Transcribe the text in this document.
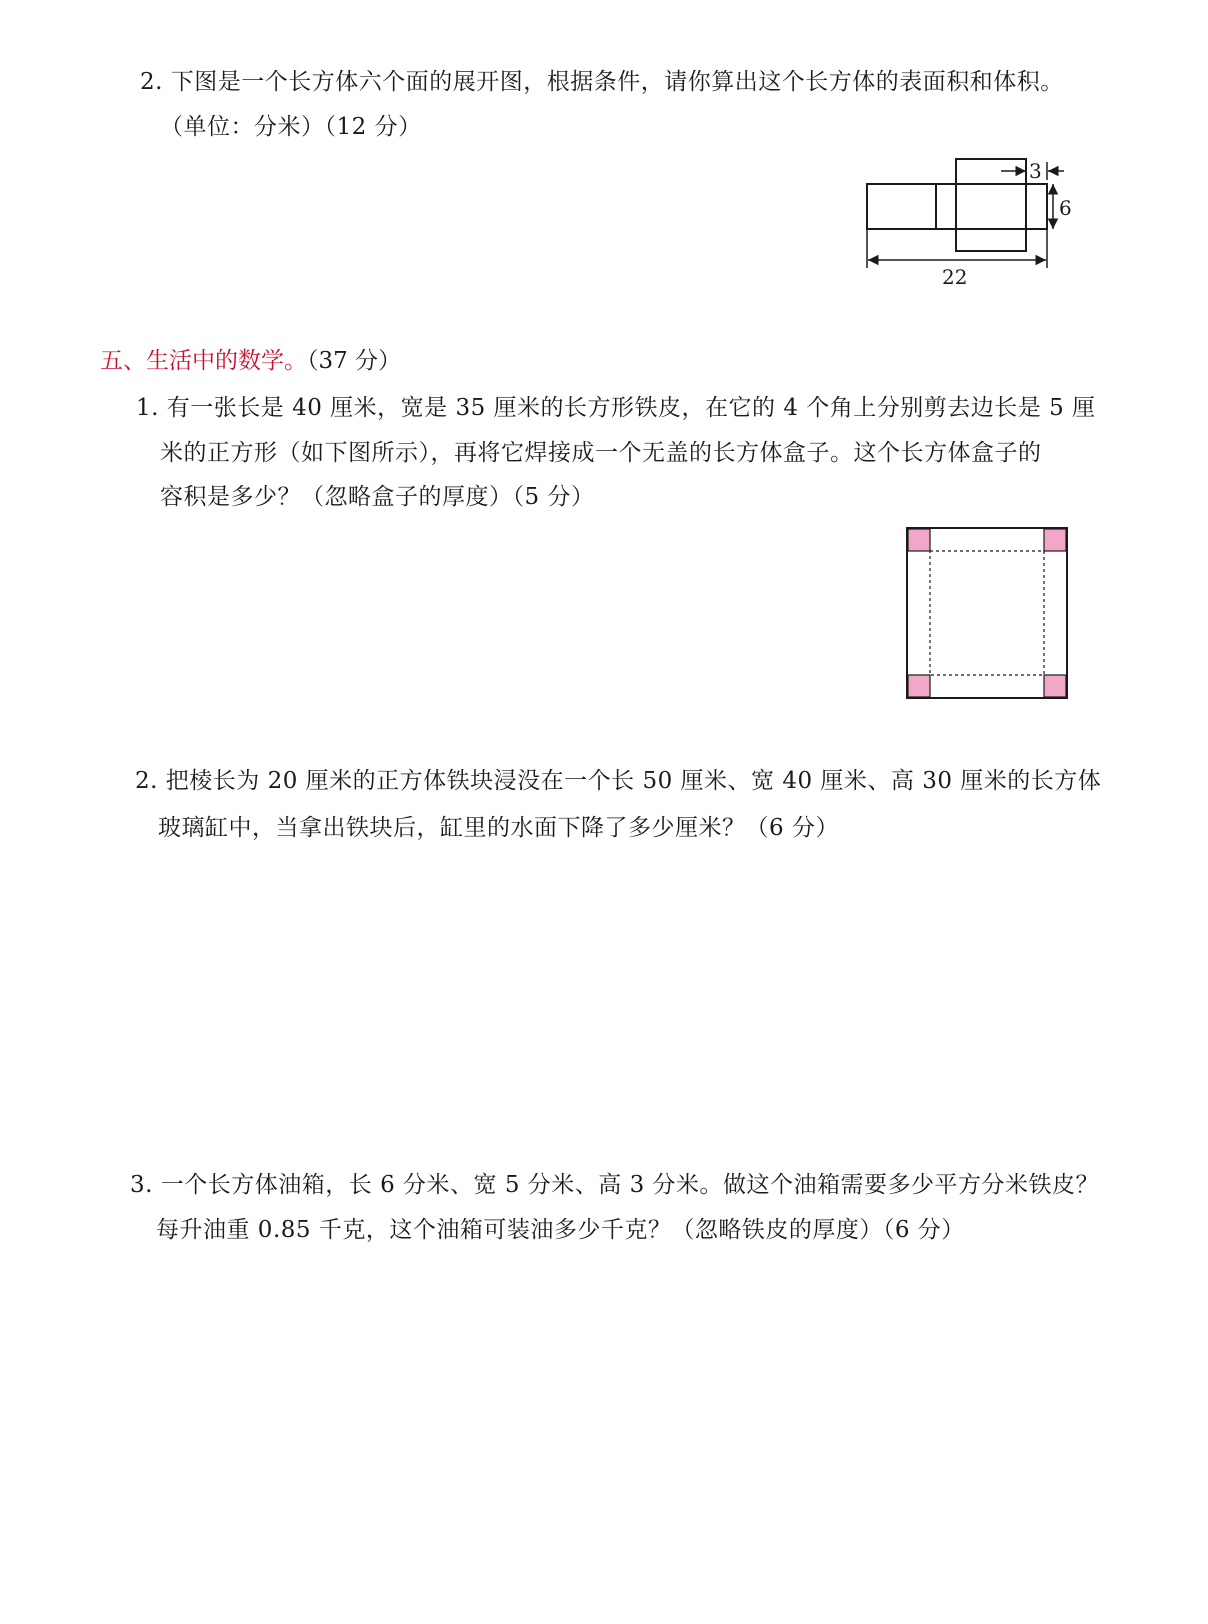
2. 下图是一个长方体六个面的展开图，根据条件，请你算出这个长方体的表面积和体积。
（单位：分米）（12 分）
3
6
22
五、生活中的数学。（37 分）
1. 有一张长是 40 厘米，宽是 35 厘米的长方形铁皮，在它的 4 个角上分别剪去边长是 5 厘
米的正方形（如下图所示），再将它焊接成一个无盖的长方体盒子。这个长方体盒子的
容积是多少？（忽略盒子的厚度）（5 分）
2. 把棱长为 20 厘米的正方体铁块浸没在一个长 50 厘米、宽 40 厘米、高 30 厘米的长方体
玻璃缸中，当拿出铁块后，缸里的水面下降了多少厘米？（6 分）
3. 一个长方体油箱，长 6 分米、宽 5 分米、高 3 分米。做这个油箱需要多少平方分米铁皮？
每升油重 0.85 千克，这个油箱可装油多少千克？（忽略铁皮的厚度）（6 分）
